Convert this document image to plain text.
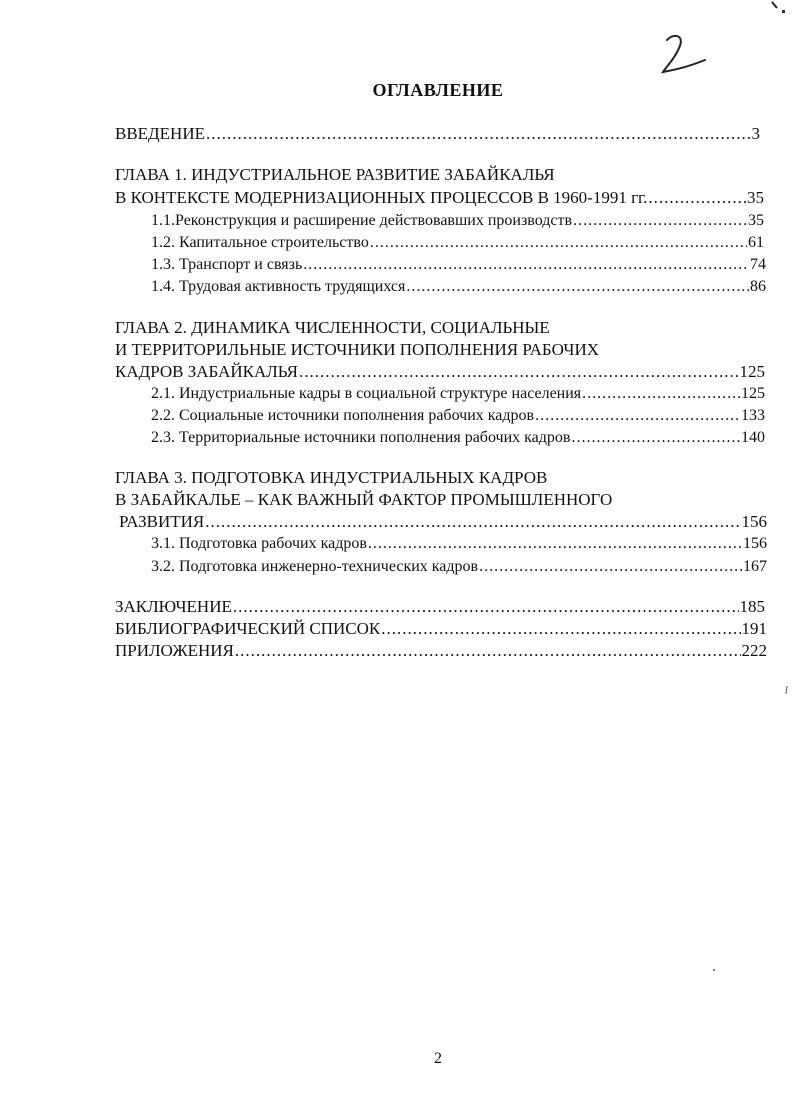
ОГЛАВЛЕНИЕ
ВВЕДЕНИЕ .....	3
ГЛАВА 1. ИНДУСТРИАЛЬНОЕ РАЗВИТИЕ ЗАБАЙКАЛЬЯ
В КОНТЕКСТЕ МОДЕРНИЗАЦИОННЫХ ПРОЦЕССОВ В 1960-1991 гг. .....	35
1.1.Реконструкция и расширение действовавших производств .....	35
1.2. Капитальное строительство .....	61
1.3. Транспорт и связь .....	74
1.4. Трудовая активность трудящихся .....	86
ГЛАВА 2. ДИНАМИКА ЧИСЛЕННОСТИ, СОЦИАЛЬНЫЕ
И ТЕРРИТОРИЛЬНЫЕ ИСТОЧНИКИ ПОПОЛНЕНИЯ РАБОЧИХ
КАДРОВ ЗАБАЙКАЛЬЯ .....	125
2.1. Индустриальные кадры в социальной структуре населения .....	125
2.2. Социальные источники пополнения рабочих кадров .....	133
2.3. Территориальные источники пополнения рабочих кадров .....	140
ГЛАВА 3. ПОДГОТОВКА ИНДУСТРИАЛЬНЫХ КАДРОВ
В ЗАБАЙКАЛЬЕ – КАК ВАЖНЫЙ ФАКТОР ПРОМЫШЛЕННОГО
РАЗВИТИЯ .....	156
3.1. Подготовка рабочих кадров .....	156
3.2. Подготовка инженерно-технических кадров .....	167
ЗАКЛЮЧЕНИЕ .....	185
БИБЛИОГРАФИЧЕСКИЙ СПИСОК .....	191
ПРИЛОЖЕНИЯ .....	222
2
